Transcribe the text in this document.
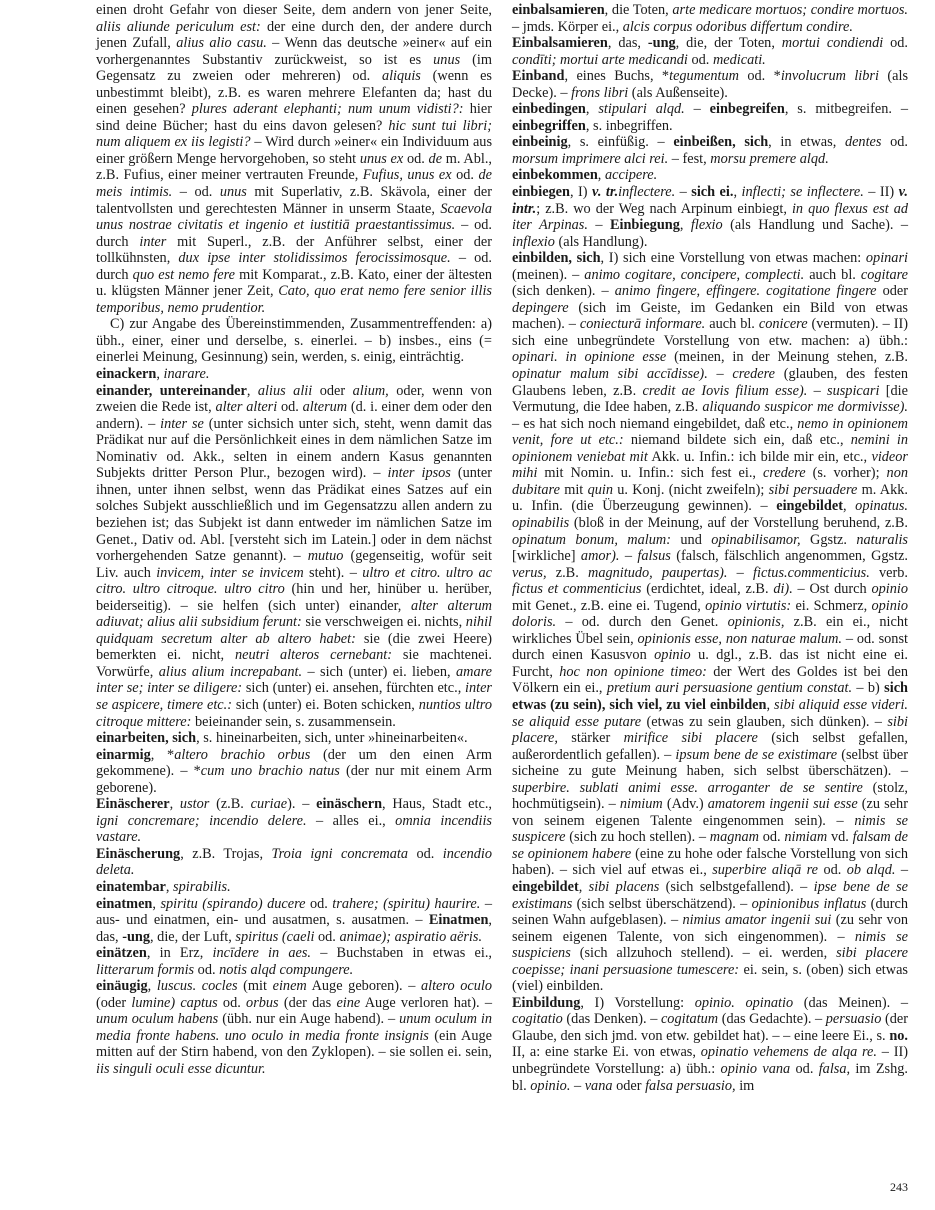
einen droht Gefahr von dieser Seite, dem andern von jener Seite, aliis aliunde periculum est: der eine durch den, der andere durch jenen Zufall, alius alio casu. – Wenn das deutsche »einer« auf ein vorhergenanntes Substantiv zurückweist, so ist es unus (im Gegensatz zu zweien oder mehreren) od. aliquis (wenn es unbestimmt bleibt), z.B. es waren mehrere Elefanten da; hast du einen gesehen? plures aderant elephanti; num unum vidisti?: hier sind deine Bücher; hast du eins davon gelesen? hic sunt tui libri; num aliquem ex iis legisti? – Wird durch »einer« ein Individuum aus einer größern Menge hervorgehoben, so steht unus ex od. de m. Abl., z.B. Fufius, einer meiner vertrauten Freunde, Fufius, unus ex od. de meis intimis. – od. unus mit Superlativ, z.B. Skävola, einer der talentvollsten und gerechtesten Männer in unserm Staate, Scaevola unus nostrae civitatis et ingenio et iustitiā praestantissimus. – od. durch inter mit Superl., z.B. der Anführer selbst, einer der tollkühnsten, dux ipse inter stolidissimos ferocissimosque. – od. durch quo est nemo fere mit Komparat., z.B. Kato, einer der ältesten u. klügsten Männer jener Zeit, Cato, quo erat nemo fere senior illis temporibus, nemo prudentior.

C) zur Angabe des Übereinstimmenden, Zusammentreffenden: a) übh., einer, einer und derselbe, s. einerlei. – b) insbes., eins (= einerlei Meinung, Gesinnung) sein, werden, s. einig, einträchtig.

einackern, inarare.

einander, untereinander, alius alii oder alium, oder, wenn von zweien die Rede ist, alter alteri od. alterum (d. i. einer dem oder den andern). – inter se (unter sichsich unter sich, steht, wenn damit das Prädikat nur auf die Persönlichkeit eines in dem nämlichen Satze im Nominativ od. Akk., selten in einem andern Kasus genannten Subjekts dritter Person Plur., bezogen wird). – inter ipsos (unter ihnen, unter ihnen selbst, wenn das Prädikat eines Satzes auf ein solches Subjekt ausschließlich und im Gegensatzzu allen andern zu beziehen ist; das Subjekt ist dann entweder im nämlichen Satze im Genet., Dativ od. Abl. [versteht sich im Latein.] oder in dem nächst vorhergehenden Satze genannt). – mutuo (gegenseitig, wofür seit Liv. auch invicem, inter se invicem steht). – ultro et citro. ultro ac citro. ultro citroque. ultro citro (hin und her, hinüber u. herüber, beiderseitig). – sie helfen (sich unter) einander, alter alterum adiuvat; alius alii subsidium ferunt: sie verschweigen ei. nichts, nihil quidquam secretum alter ab altero habet: sie (die zwei Heere) bemerkten ei. nicht, neutri alteros cernebant: sie machtenei. Vorwürfe, alius alium increpabant. – sich (unter) ei. lieben, amare inter se; inter se diligere: sich (unter) ei. ansehen, fürchten etc., inter se aspicere, timere etc.: sich (unter) ei. Boten schicken, nuntios ultro citroque mittere: beieinander sein, s. zusammensein.

einarbeiten, sich, s. hineinarbeiten, sich, unter »hineinarbeiten«.

einarmig, *altero brachio orbus (der um den einen Arm gekommene). – *cum uno brachio natus (der nur mit einem Arm geborene).

Einäscherer, ustor (z.B. curiae). – einäschern, Haus, Stadt etc., igni concremare; incendio delere. – alles ei., omnia incendiis vastare.

Einäscherung, z.B. Trojas, Troia igni concremata od. incendio deleta.

einatembar, spirabilis.

einatmen, spiritu (spirando) ducere od. trahere; (spiritu) haurire. – aus- und einatmen, ein- und ausatmen, s. ausatmen. – Einatmen, das, -ung, die, der Luft, spiritus (caeli od. animae); aspiratio aëris.

einätzen, in Erz, incīdere in aes. – Buchstaben in etwas ei., litterarum formis od. notis alqd compungere.

einäugig, luscus. cocles (mit einem Auge geboren). – altero oculo (oder lumine) captus od. orbus (der das eine Auge verloren hat). – unum oculum habens (übh. nur ein Auge habend). – unum oculum in media fronte habens. uno oculo in media fronte insignis (ein Auge mitten auf der Stirn habend, von den Zyklopen). – sie sollen ei. sein, iis singuli oculi esse dicuntur.

einbalsamieren, die Toten, arte medicare mortuos; condire mortuos. – jmds. Körper ei., alcis corpus odoribus differtum condire.

Einbalsamieren, das, -ung, die, der Toten, mortui condiendi od. condīti; mortui arte medicandi od. medicati.

Einband, eines Buchs, *tegumentum od. *involucrum libri (als Decke). – frons libri (als Außenseite).

einbedingen, stipulari alqd. – einbegreifen, s. mitbegreifen. – einbegriffen, s. inbegriffen.

einbeinig, s. einfüßig. – einbeißen, sich, in etwas, dentes od. morsum imprimere alci rei. – fest, morsu premere alqd.

einbekommen, accipere.

einbiegen, I) v. tr.inflectere. – sich ei., inflecti; se inflectere. – II) v. intr.; z.B. wo der Weg nach Arpinum einbiegt, in quo flexus est ad iter Arpinas. – Einbiegung, flexio (als Handlung und Sache). – inflexio (als Handlung).

einbilden, sich, I) sich eine Vorstellung von etwas machen: opinari (meinen). – animo cogitare, concipere, complecti. auch bl. cogitare (sich denken). – animo fingere, effingere. cogitatione fingere oder depingere (sich im Geiste, im Gedanken ein Bild von etwas machen). – coniecturā informare. auch bl. conicere (vermuten). – II) sich eine unbegründete Vorstellung von etw. machen: a) übh.: opinari. in opinione esse (meinen, in der Meinung stehen, z.B. opinatur malum sibi accīdisse). – credere (glauben, des festen Glaubens leben, z.B. credit ae Iovis filium esse). – suspicari [die Vermutung, die Idee haben, z.B. aliquando suspicor me dormivisse). – es hat sich noch niemand eingebildet, daß etc., nemo in opinionem venit, fore ut etc.: niemand bildete sich ein, daß etc., nemini in opinionem veniebat mit Akk. u. Infin.: ich bilde mir ein, etc., videor mihi mit Nomin. u. Infin.: sich fest ei., credere (s. vorher); non dubitare mit quin u. Konj. (nicht zweifeln); sibi persuadere m. Akk. u. Infin. (die Überzeugung gewinnen). – eingebildet, opinatus. opinabilis (bloß in der Meinung, auf der Vorstellung beruhend, z.B. opinatum bonum, malum: und opinabilisamor, Ggstz. naturalis [wirkliche] amor). – falsus (falsch, fälschlich angenommen, Ggstz. verus, z.B. magnitudo, paupertas). – fictus.commenticius. verb. fictus et commenticius (erdichtet, ideal, z.B. di). – Ost durch opinio mit Genet., z.B. eine ei. Tugend, opinio virtutis: ei. Schmerz, opinio doloris. – od. durch den Genet. opinionis, z.B. ein ei., nicht wirkliches Übel sein, opinionis esse, non naturae malum. – od. sonst durch einen Kasusvon opinio u. dgl., z.B. das ist nicht eine ei. Furcht, hoc non opinione timeo: der Wert des Goldes ist bei den Völkern ein ei., pretium auri persuasione gentium constat. – b) sich etwas (zu sein), sich viel, zu viel einbilden, sibi aliquid esse videri. se aliquid esse putare (etwas zu sein glauben, sich dünken). – sibi placere, stärker mirifice sibi placere (sich selbst gefallen, außerordentlich gefallen). – ipsum bene de se existimare (selbst über sicheine zu gute Meinung haben, sich selbst überschätzen). – superbire. sublati animi esse. arroganter de se sentire (stolz, hochmütigsein). – nimium (Adv.) amatorem ingenii sui esse (zu sehr von seinem eigenen Talente eingenommen sein). – nimis se suspicere (sich zu hoch stellen). – magnam od. nimiam vd. falsam de se opinionem habere (eine zu hohe oder falsche Vorstellung von sich haben). – sich viel auf etwas ei., superbire aliqā re od. ob alqd. – eingebildet, sibi placens (sich selbstgefallend). – ipse bene de se existimans (sich selbst überschätzend). – opinionibus inflatus (durch seinen Wahn aufgeblasen). – nimius amator ingenii sui (zu sehr von seinem eigenen Talente, von sich eingenommen). – nimis se suspiciens (sich allzuhoch stellend). – ei. werden, sibi placere coepisse; inani persuasione tumescere: ei. sein, s. (oben) sich etwas (viel) einbilden.

Einbildung, I) Vorstellung: opinio. opinatio (das Meinen). – cogitatio (das Denken). – cogitatum (das Gedachte). – persuasio (der Glaube, den sich jmd. von etw. gebildet hat). – – eine leere Ei., s. no. II, a: eine starke Ei. von etwas, opinatio vehemens de alqa re. – II) unbegründete Vorstellung: a) übh.: opinio vana od. falsa, im Zshg. bl. opinio. – vana oder falsa persuasio, im

243
